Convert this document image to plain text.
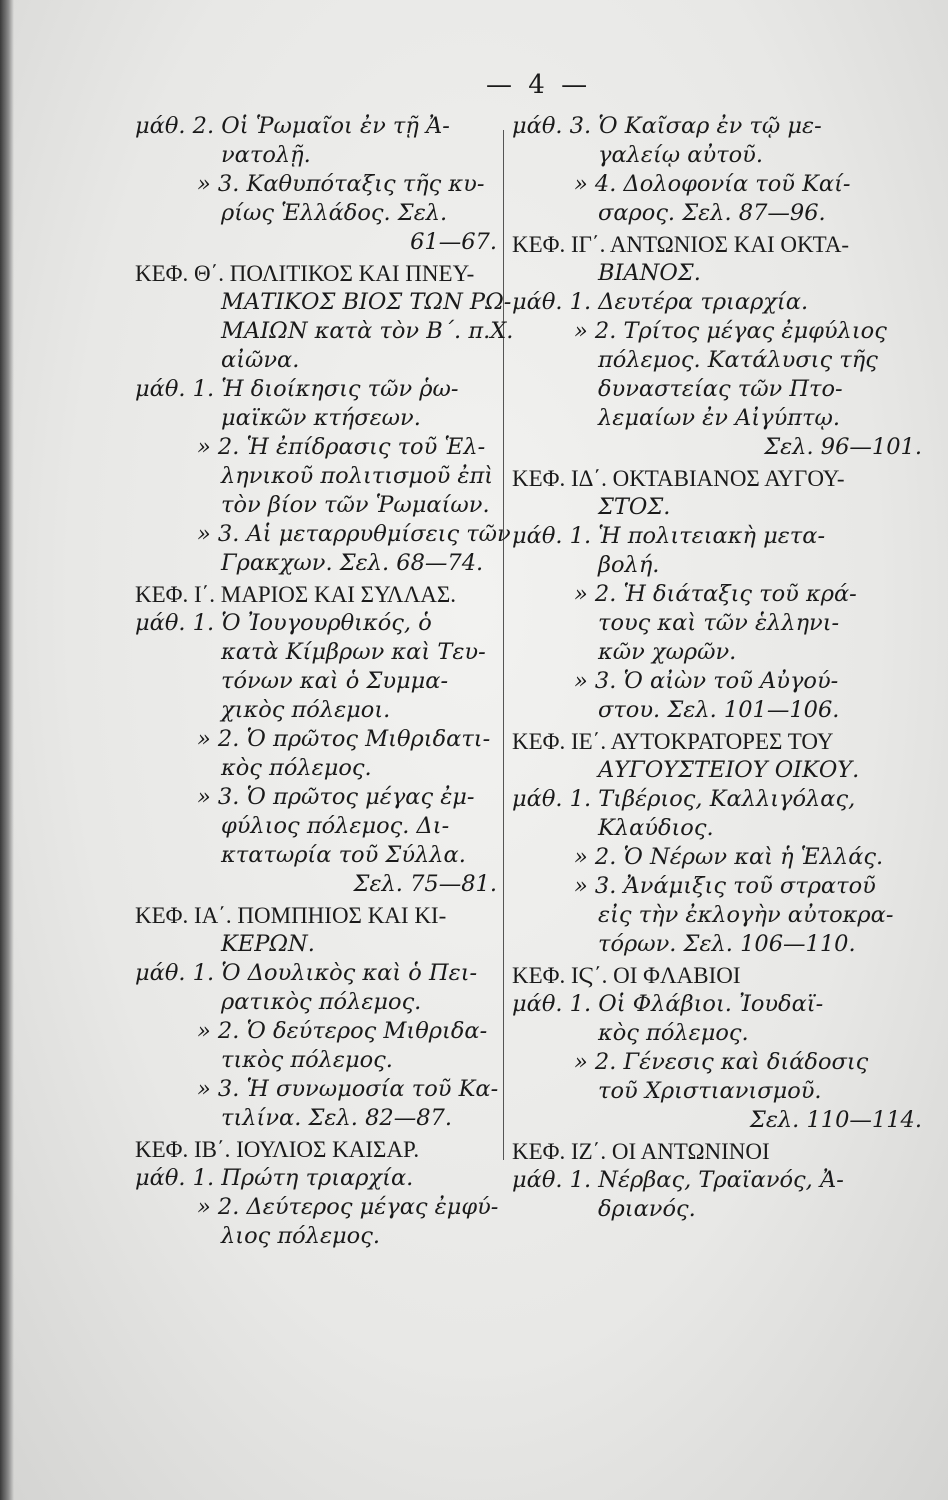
— 4 —
μάθ. 2. Οἱ Ῥωμαῖοι ἐν τῇ Ἀ-
νατολῇ.
» 3. Καθυπόταξις τῆς κυ-
ρίως Ἑλλάδος. Σελ.
61—67.
ΚΕΦ. Θ΄. ΠΟΛΙΤΙΚΟΣ ΚΑΙ ΠΝΕΥ-
ΜΑΤΙΚΟΣ ΒΙΟΣ ΤΩΝ ΡΩ-
ΜΑΙΩΝ κατὰ τὸν Β΄. π.Χ.
αἰῶνα.
μάθ. 1. Ἡ διοίκησις τῶν ῥω-
μαϊκῶν κτήσεων.
» 2. Ἡ ἐπίδρασις τοῦ Ἑλ-
ληνικοῦ πολιτισμοῦ ἐπὶ
τὸν βίον τῶν Ῥωμαίων.
» 3. Αἱ μεταρρυθμίσεις τῶν
Γρακχων. Σελ. 68—74.
ΚΕΦ. Ι΄. ΜΑΡΙΟΣ ΚΑΙ ΣΥΛΛΑΣ.
μάθ. 1. Ὁ Ἰουγουρθικός, ὁ
κατὰ Κίμβρων καὶ Τευ-
τόνων καὶ ὁ Συμμα-
χικὸς πόλεμοι.
» 2. Ὁ πρῶτος Μιθριδατι-
κὸς πόλεμος.
» 3. Ὁ πρῶτος μέγας ἐμ-
φύλιος πόλεμος. Δι-
κτατωρία τοῦ Σύλλα.
Σελ. 75—81.
ΚΕΦ. ΙΑ΄. ΠΟΜΠΗΙΟΣ ΚΑΙ ΚΙ-
ΚΕΡΩΝ.
μάθ. 1. Ὁ Δουλικὸς καὶ ὁ Πει-
ρατικὸς πόλεμος.
» 2. Ὁ δεύτερος Μιθριδα-
τικὸς πόλεμος.
» 3. Ἡ συνωμοσία τοῦ Κα-
τιλίνα. Σελ. 82—87.
ΚΕΦ. ΙΒ΄. ΙΟΥΛΙΟΣ ΚΑΙΣΑΡ.
μάθ. 1. Πρώτη τριαρχία.
» 2. Δεύτερος μέγας ἐμφύ-
λιος πόλεμος.
μάθ. 3. Ὁ Καῖσαρ ἐν τῷ με-
γαλείῳ αὐτοῦ.
» 4. Δολοφονία τοῦ Καί-
σαρος. Σελ. 87—96.
ΚΕΦ. ΙΓ΄. ΑΝΤΩΝΙΟΣ ΚΑΙ ΟΚΤΑ-
ΒΙΑΝΟΣ.
μάθ. 1. Δευτέρα τριαρχία.
» 2. Τρίτος μέγας ἐμφύλιος
πόλεμος. Κατάλυσις τῆς
δυναστείας τῶν Πτο-
λεμαίων ἐν Αἰγύπτῳ.
Σελ. 96—101.
ΚΕΦ. ΙΔ΄. ΟΚΤΑΒΙΑΝΟΣ ΑΥΓΟΥ-
ΣΤΟΣ.
μάθ. 1. Ἡ πολιτειακὴ μετα-
βολή.
» 2. Ἡ διάταξις τοῦ κρά-
τους καὶ τῶν ἑλληνι-
κῶν χωρῶν.
» 3. Ὁ αἰὼν τοῦ Αὐγού-
στου. Σελ. 101—106.
ΚΕΦ. ΙΕ΄. ΑΥΤΟΚΡΑΤΟΡΕΣ ΤΟΥ
ΑΥΓΟΥΣΤΕΙΟΥ ΟΙΚΟΥ.
μάθ. 1. Τιβέριος, Καλλιγόλας,
Κλαύδιος.
» 2. Ὁ Νέρων καὶ ἡ Ἑλλάς.
» 3. Ἀνάμιξις τοῦ στρατοῦ
εἰς τὴν ἐκλογὴν αὐτοκρα-
τόρων. Σελ. 106—110.
ΚΕΦ. ΙϚ΄. ΟΙ ΦΛΑΒΙΟΙ
μάθ. 1. Οἱ Φλάβιοι. Ἰουδαϊ-
κὸς πόλεμος.
» 2. Γένεσις καὶ διάδοσις
τοῦ Χριστιανισμοῦ.
Σελ. 110—114.
ΚΕΦ. ΙΖ΄. ΟΙ ΑΝΤΩΝΙΝΟΙ
μάθ. 1. Νέρβας, Τραϊανός, Ἀ-
δριανός.
